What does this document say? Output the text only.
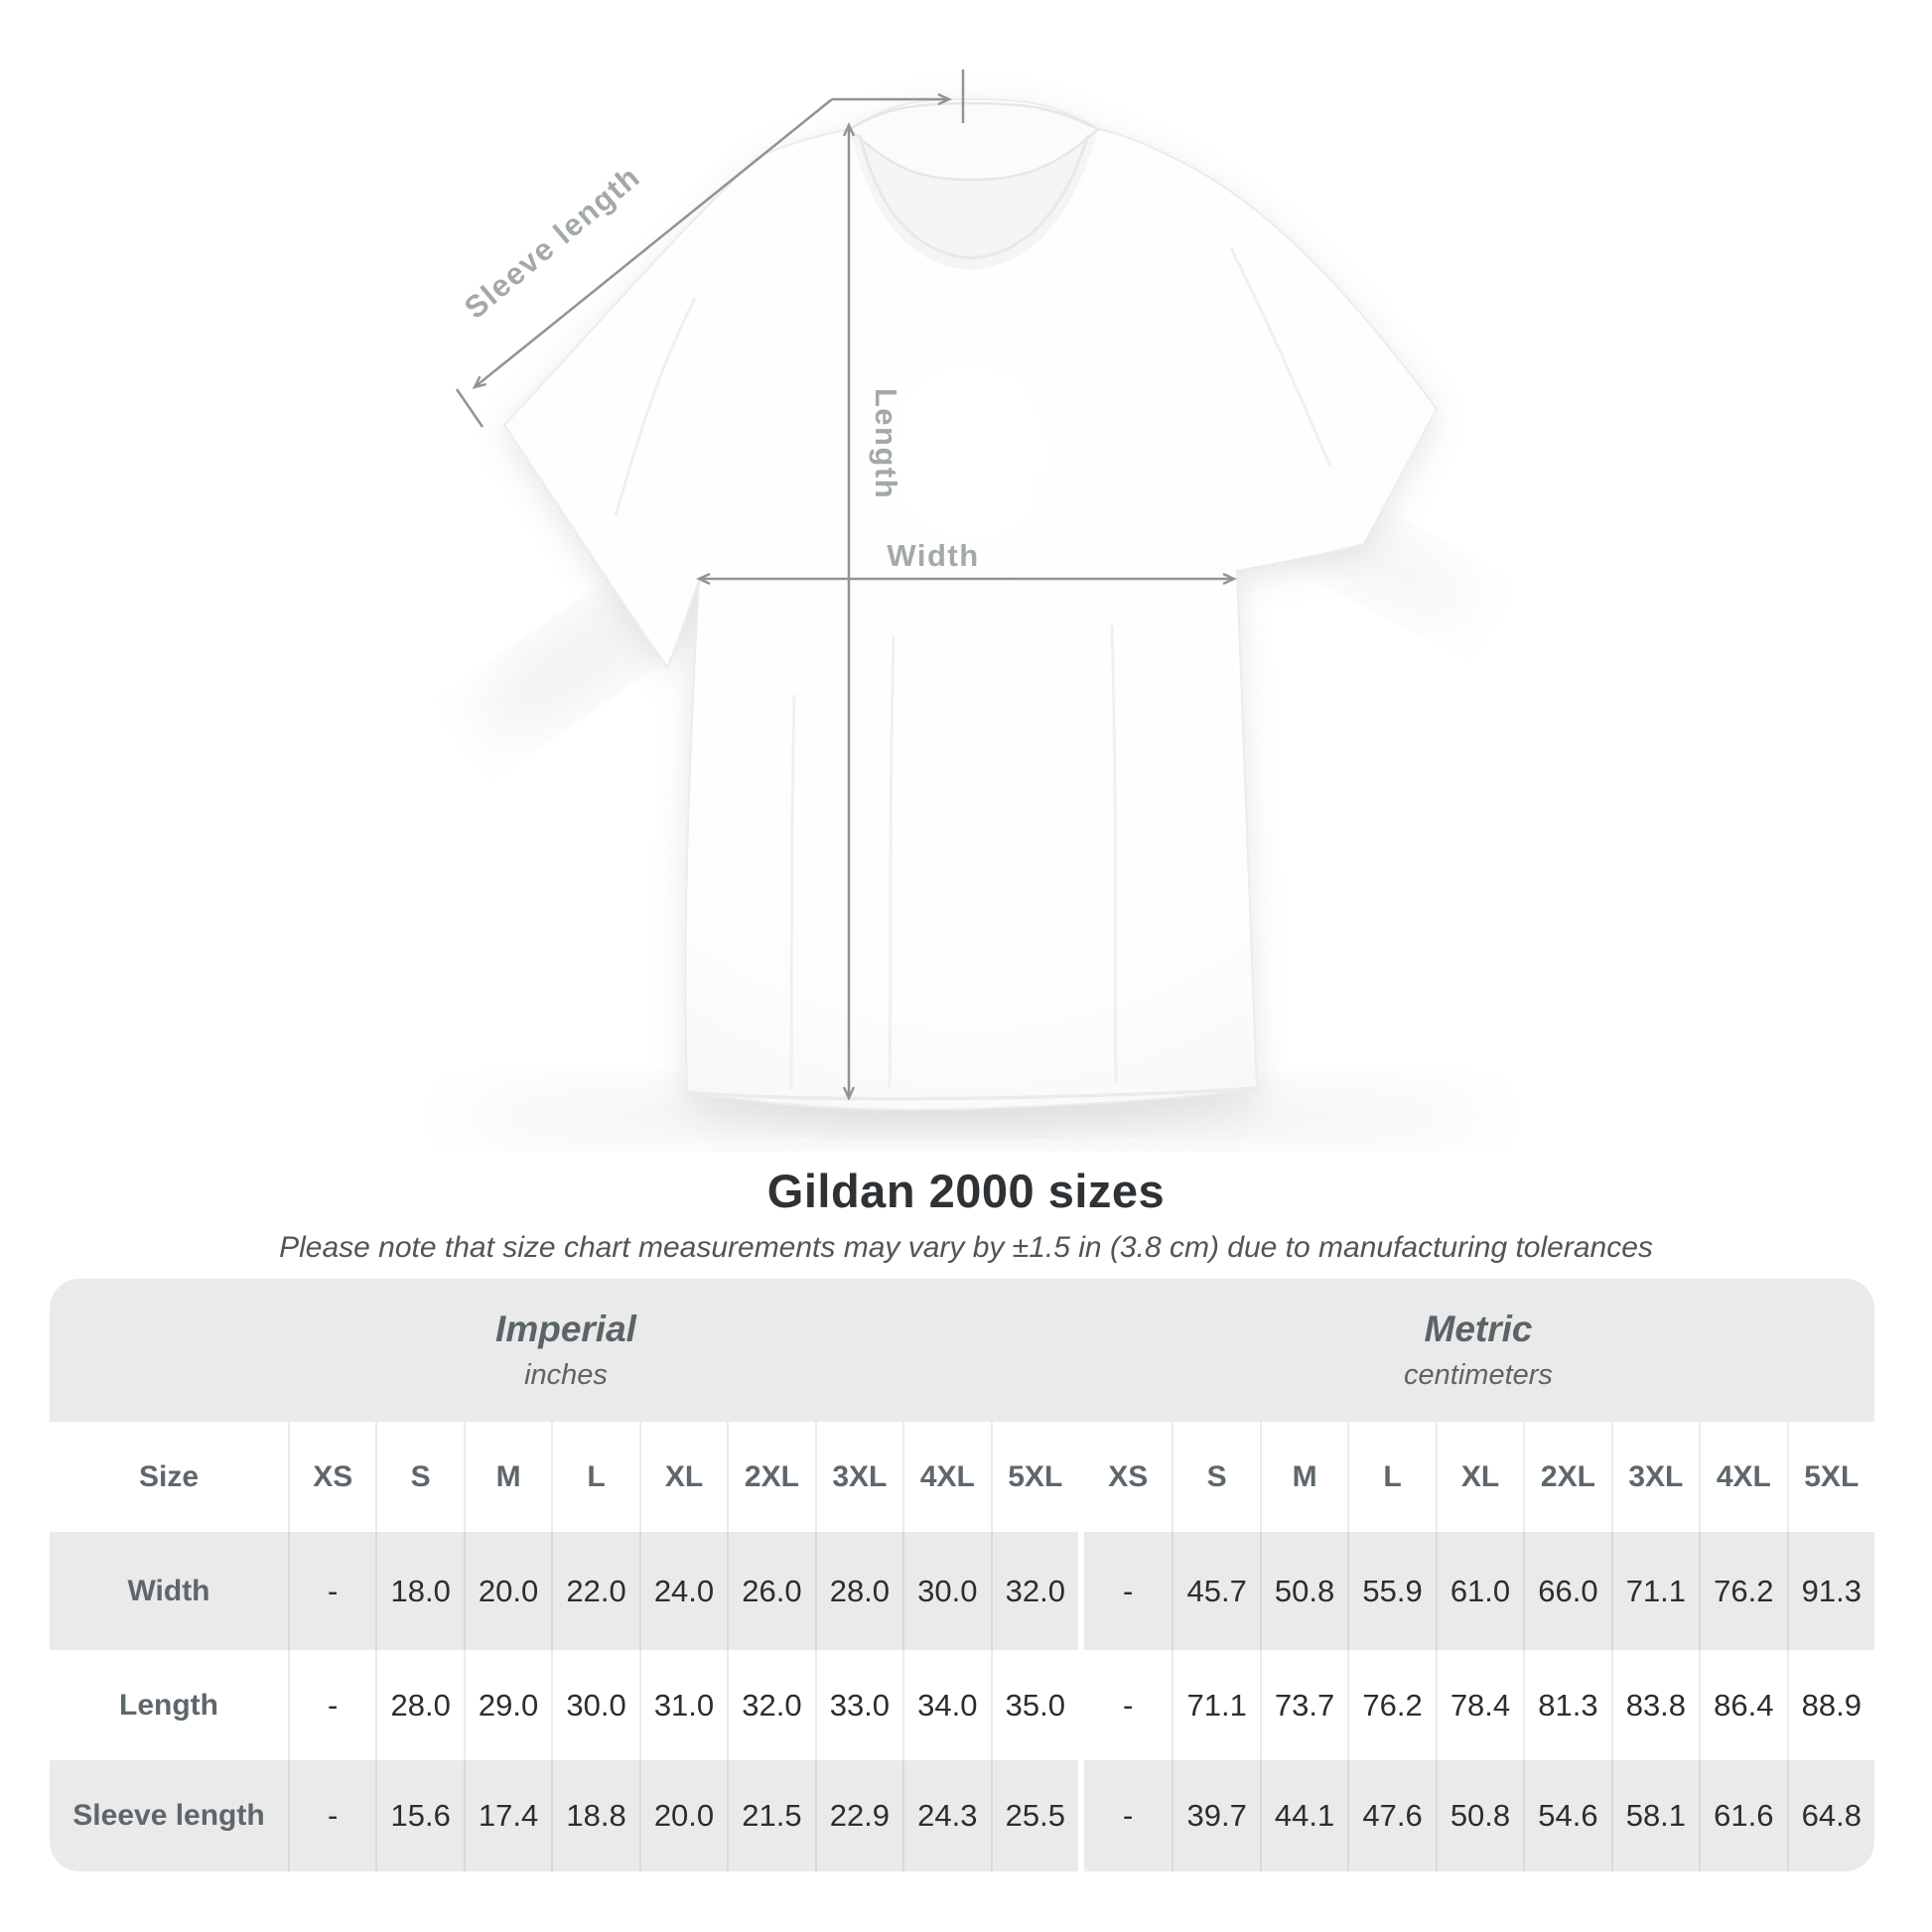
Sleeve length
Length
Width
Gildan 2000 sizes
Please note that size chart measurements may vary by ±1.5 in (3.8 cm) due to manufacturing tolerances
Imperial
inches
Metric
centimeters
Size	XS	S	M	L	XL	2XL	3XL	4XL	5XL	XS	S	M	L	XL	2XL	3XL	4XL	5XL
Width	-	18.0 20.0 22.0 24.0 26.0 28.0 30.0 32.0	-	45.7 50.8 55.9 61.0 66.0 71.1 76.2 91.3
Length	-	28.0 29.0 30.0 31.0 32.0 33.0 34.0 35.0	-	71.1 73.7 76.2 78.4 81.3 83.8 86.4 88.9
Sleeve length	-	15.6 17.4 18.8 20.0 21.5 22.9 24.3 25.5	-	39.7 44.1 47.6 50.8 54.6 58.1 61.6 64.8
